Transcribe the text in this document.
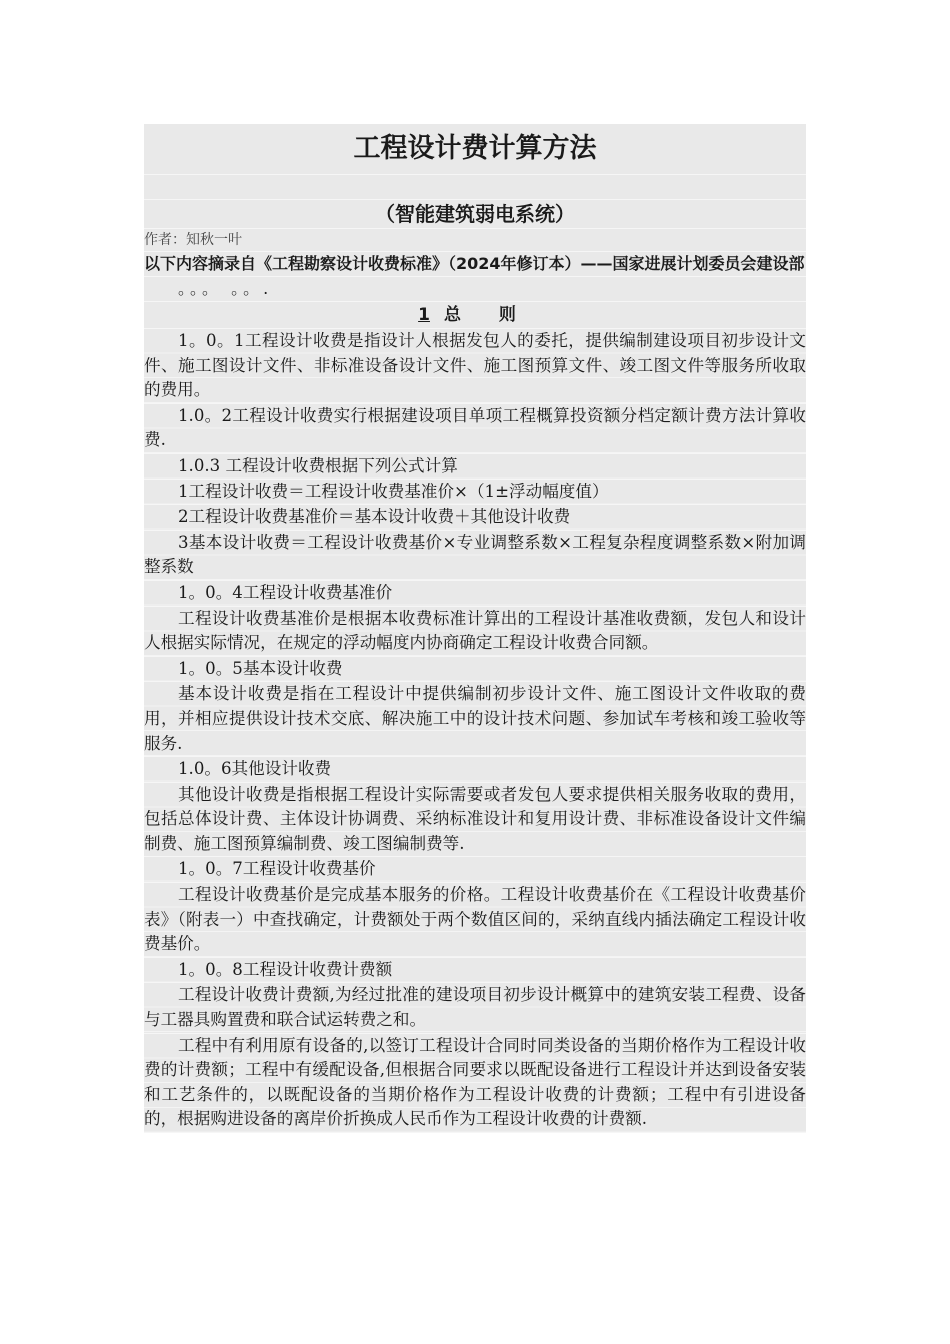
工程设计费计算方法
（智能建筑弱电系统）
作者：知秋一叶
以下内容摘录自《工程勘察设计收费标准》（2024年修订本）——国家进展计划委员会建设部
。。。 。。.
1 总 则
1。0。1工程设计收费是指设计人根据发包人的委托，提供编制建设项目初步设计文件、施工图设计文件、非标准设备设计文件、施工图预算文件、竣工图文件等服务所收取的费用。
1.0。2工程设计收费实行根据建设项目单项工程概算投资额分档定额计费方法计算收费.
1.0.3 工程设计收费根据下列公式计算
1工程设计收费＝工程设计收费基准价×（1±浮动幅度值）
2工程设计收费基准价＝基本设计收费＋其他设计收费
3基本设计收费＝工程设计收费基价×专业调整系数×工程复杂程度调整系数×附加调整系数
1。0。4工程设计收费基准价
工程设计收费基准价是根据本收费标准计算出的工程设计基准收费额，发包人和设计人根据实际情况，在规定的浮动幅度内协商确定工程设计收费合同额。
1。0。5基本设计收费
基本设计收费是指在工程设计中提供编制初步设计文件、施工图设计文件收取的费用，并相应提供设计技术交底、解决施工中的设计技术问题、参加试车考核和竣工验收等服务.
1.0。6其他设计收费
其他设计收费是指根据工程设计实际需要或者发包人要求提供相关服务收取的费用，包括总体设计费、主体设计协调费、采纳标准设计和复用设计费、非标准设备设计文件编制费、施工图预算编制费、竣工图编制费等.
1。0。7工程设计收费基价
工程设计收费基价是完成基本服务的价格。工程设计收费基价在《工程设计收费基价表》（附表一）中查找确定，计费额处于两个数值区间的，采纳直线内插法确定工程设计收费基价。
1。0。8工程设计收费计费额
工程设计收费计费额,为经过批准的建设项目初步设计概算中的建筑安装工程费、设备与工器具购置费和联合试运转费之和。
工程中有利用原有设备的,以签订工程设计合同时同类设备的当期价格作为工程设计收费的计费额；工程中有缓配设备,但根据合同要求以既配设备进行工程设计并达到设备安装和工艺条件的，以既配设备的当期价格作为工程设计收费的计费额；工程中有引进设备的，根据购进设备的离岸价折换成人民币作为工程设计收费的计费额.
